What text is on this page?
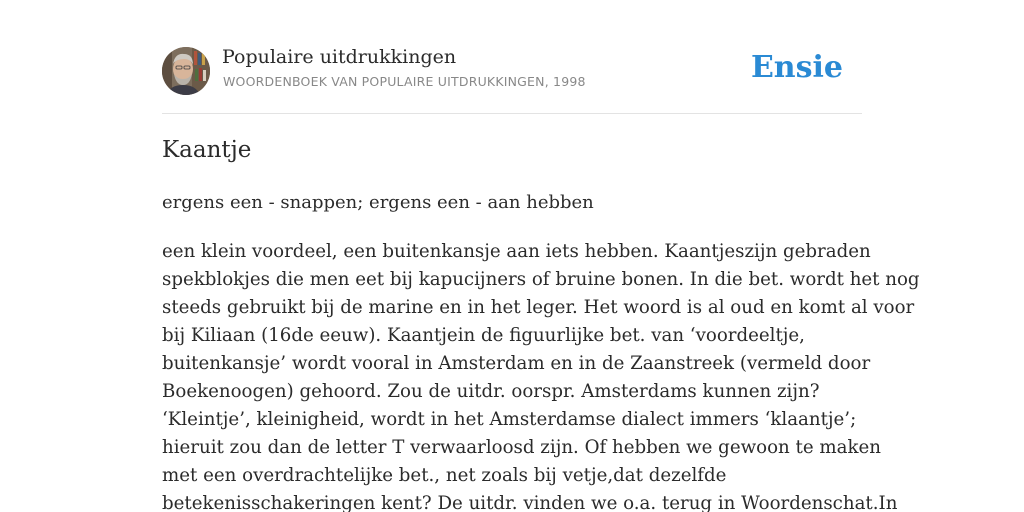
Populaire uitdrukkingen
WOORDENBOEK VAN POPULAIRE UITDRUKKINGEN, 1998	Ensie
Kaantje
ergens een - snappen; ergens een - aan hebben
een klein voordeel, een buitenkansje aan iets hebben. Kaantjeszijn gebraden
spekblokjes die men eet bij kapucijners of bruine bonen. In die bet. wordt het nog
steeds gebruikt bij de marine en in het leger. Het woord is al oud en komt al voor
bij Kiliaan (16de eeuw). Kaantjein de figuurlijke bet. van ‘voordeeltje,
buitenkansje’ wordt vooral in Amsterdam en in de Zaanstreek (vermeld door
Boekenoogen) gehoord. Zou de uitdr. oorspr. Amsterdams kunnen zijn?
‘Kleintje’, kleinigheid, wordt in het Amsterdamse dialect immers ‘klaantje’;
hieruit zou dan de letter T verwaarloosd zijn. Of hebben we gewoon te maken
met een overdrachtelijke bet., net zoals bij vetje,dat dezelfde
betekenisschakeringen kent? De uitdr. vinden we o.a. terug in Woordenschat.In
